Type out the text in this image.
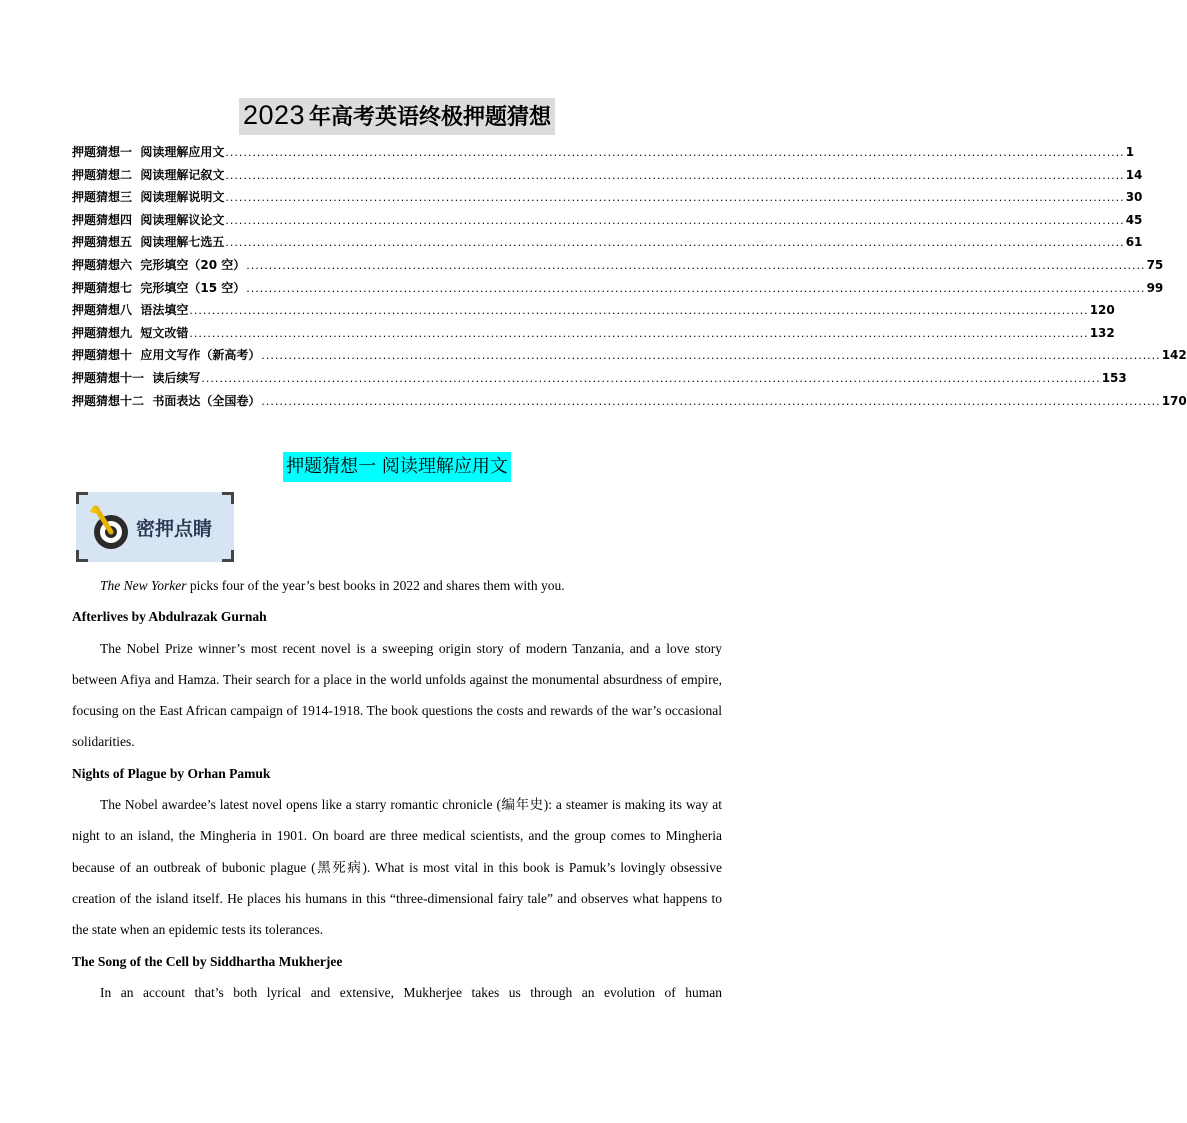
2023 年高考英语终极押题猜想
押题猜想一  阅读理解应用文 ........................................................................................................................................................................................................ 1
押题猜想二  阅读理解记叙文 ........................................................................................................................................................................................................ 14
押题猜想三  阅读理解说明文 ........................................................................................................................................................................................................ 30
押题猜想四  阅读理解议论文 ........................................................................................................................................................................................................ 45
押题猜想五  阅读理解七选五 ........................................................................................................................................................................................................ 61
押题猜想六  完形填空（20 空） ........................................................................................................................................................................................................ 75
押题猜想七  完形填空（15 空） ........................................................................................................................................................................................................ 99
押题猜想八  语法填空 ........................................................................................................................................................................................................ 120
押题猜想九  短文改错 ........................................................................................................................................................................................................ 132
押题猜想十  应用文写作（新高考） ........................................................................................................................................................................................................ 142
押题猜想十一  读后续写 ........................................................................................................................................................................................................ 153
押题猜想十二  书面表达（全国卷） ........................................................................................................................................................................................................ 170
押题猜想一 阅读理解应用文
密押点睛

The New Yorker picks four of the year’s best books in 2022 and shares them with you.

Afterlives by Abdulrazak Gurnah

The Nobel Prize winner’s most recent novel is a sweeping origin story of modern Tanzania, and a love story between Afiya and Hamza. Their search for a place in the world unfolds against the monumental absurdness of empire, focusing on the East African campaign of 1914-1918. The book questions the costs and rewards of the war’s occasional solidarities.

Nights of Plague by Orhan Pamuk

The Nobel awardee’s latest novel opens like a starry romantic chronicle (编年史): a steamer is making its way at night to an island, the Mingheria in 1901. On board are three medical scientists, and the group comes to Mingheria because of an outbreak of bubonic plague (黑死病). What is most vital in this book is Pamuk’s lovingly obsessive creation of the island itself. He places his humans in this “three-dimensional fairy tale” and observes what happens to the state when an epidemic tests its tolerances.

The Song of the Cell by Siddhartha Mukherjee

In an account that’s both lyrical and extensive, Mukherjee takes us through an evolution of human
